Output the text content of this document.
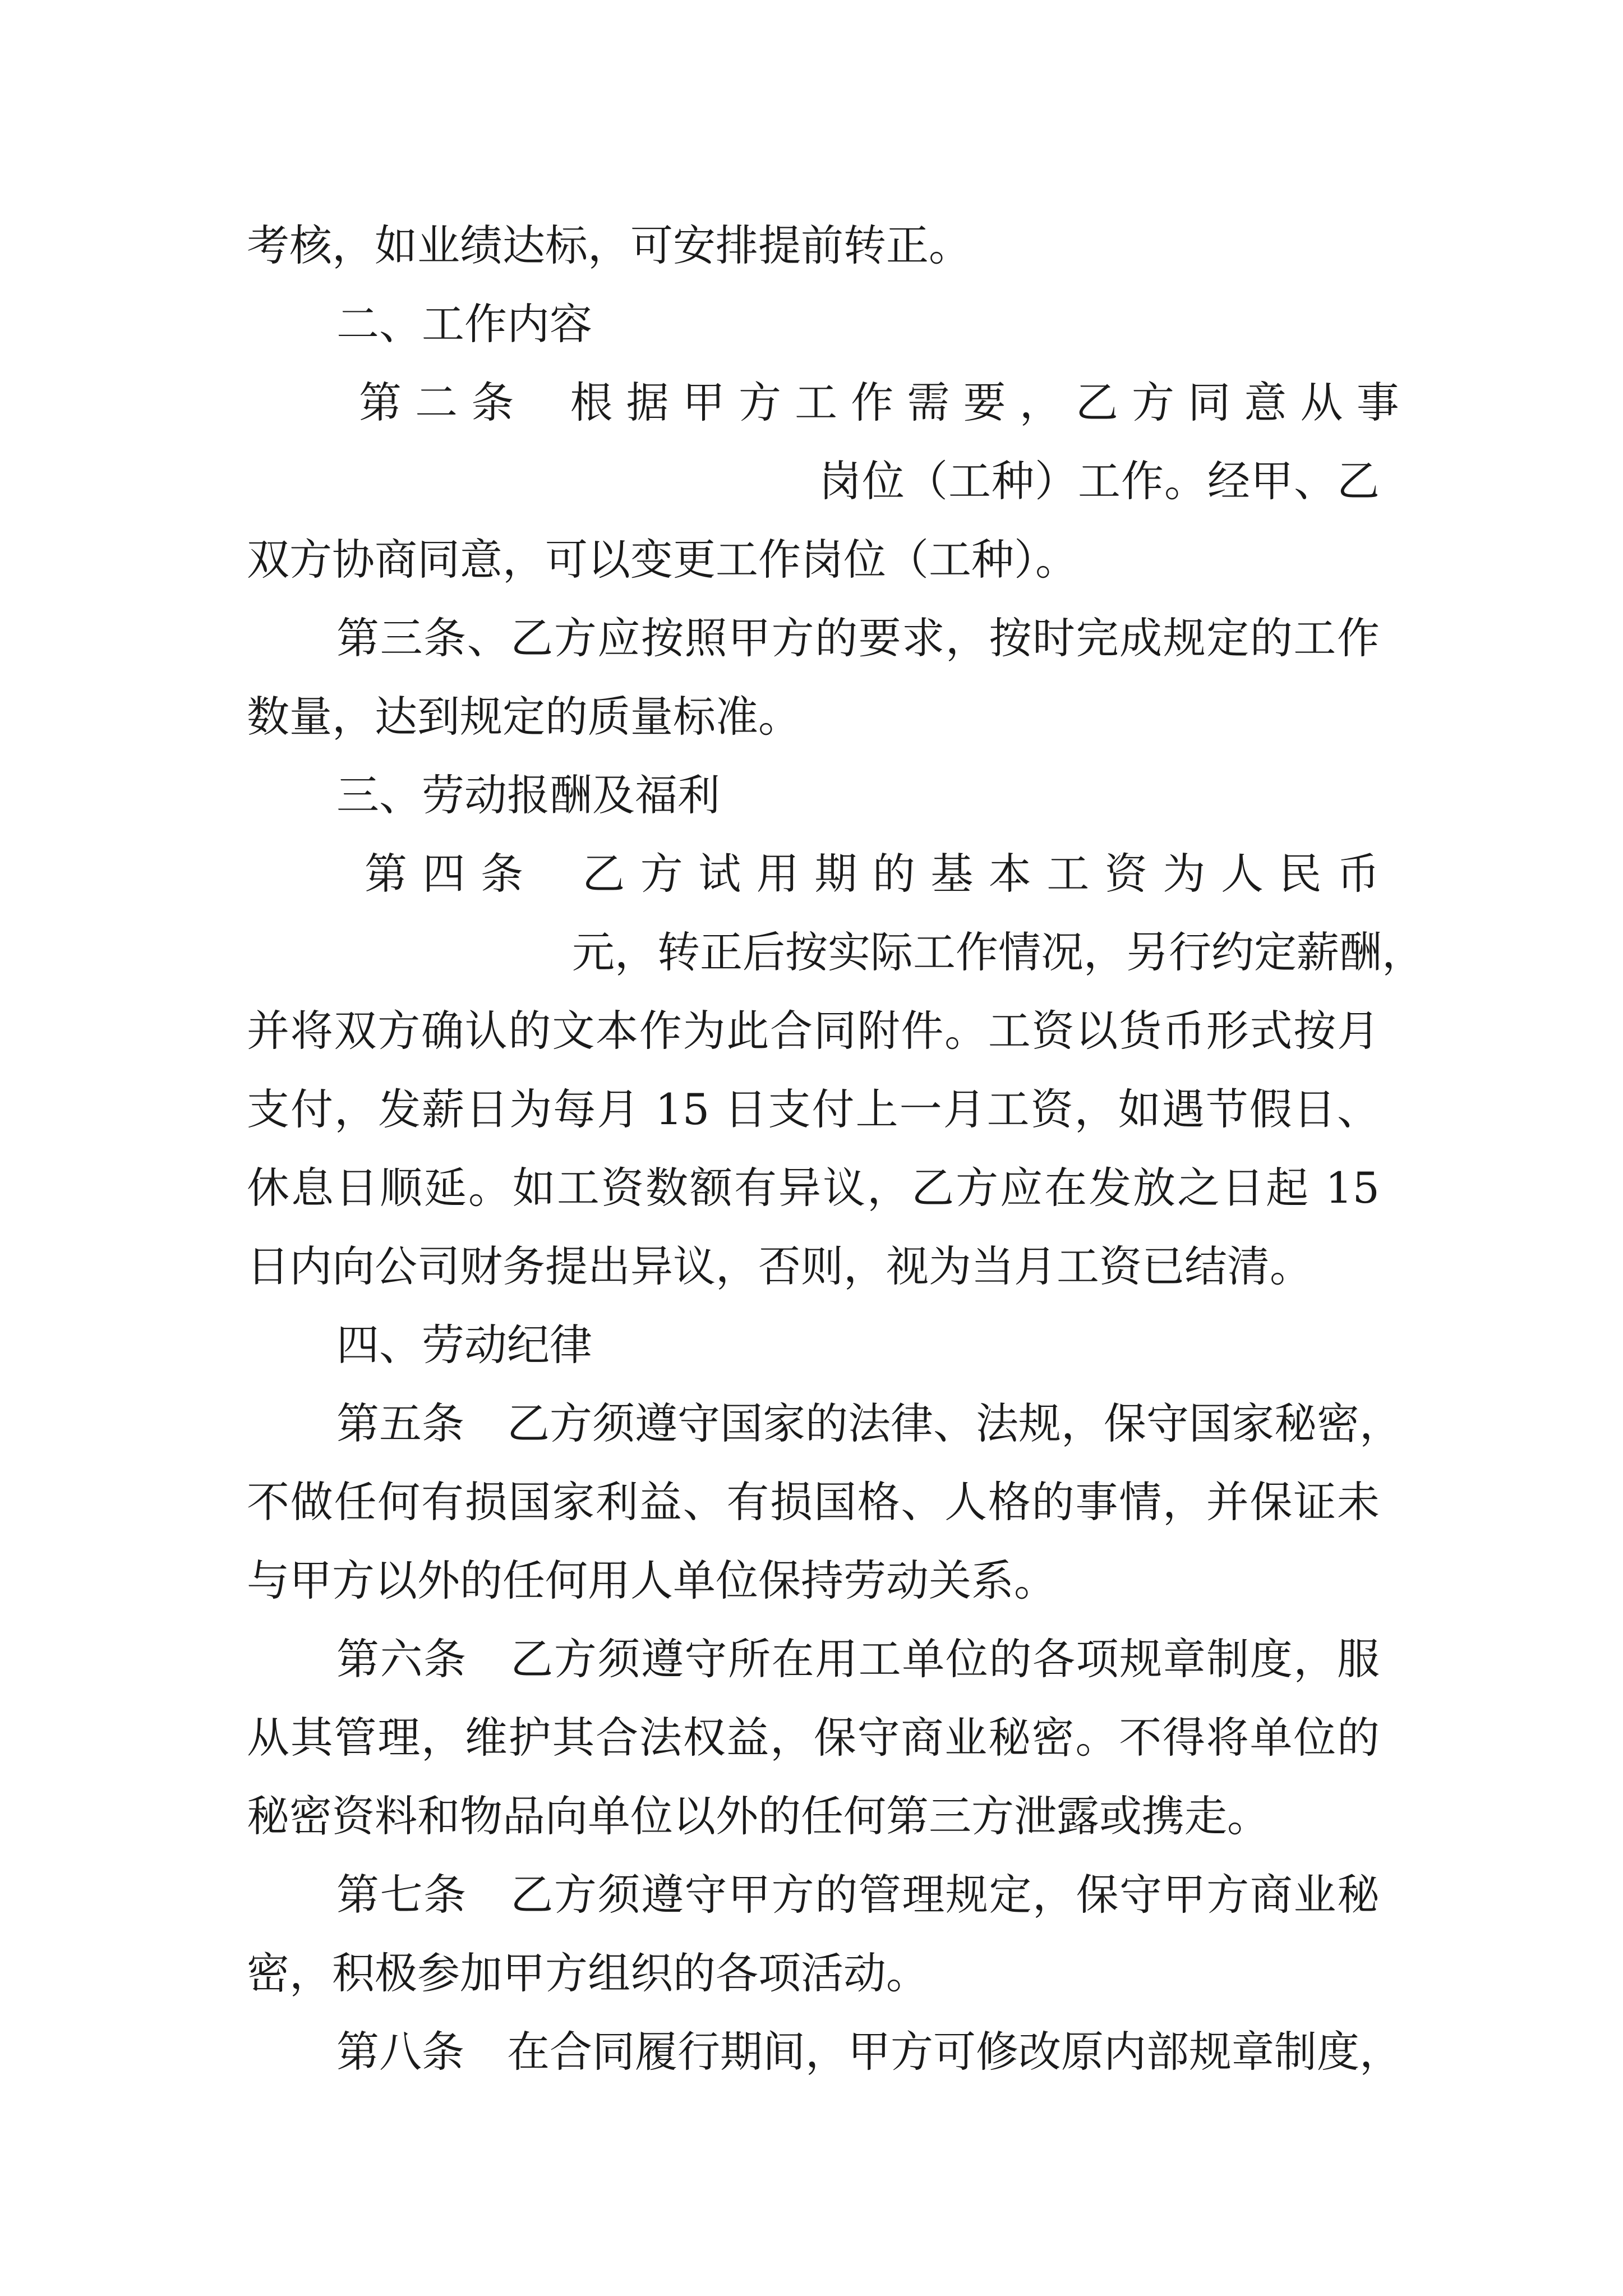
考核，如业绩达标，可安排提前转正。
二、工作内容
第 二 条　 根 据 甲 方 工 作 需 要 ， 乙 方 同 意 从 事
岗位（工种）工作。经甲、乙
双方协商同意，可以变更工作岗位（工种）。
第三条、乙方应按照甲方的要求，按时完成规定的工作
数量，达到规定的质量标准。
三、劳动报酬及福利
第 四 条　 乙 方 试 用 期 的 基 本 工 资 为 人 民 币
元，转正后按实际工作情况，另行约定薪酬，
并将双方确认的文本作为此合同附件。工资以货币形式按月
支付，发薪日为每月 15 日支付上一月工资，如遇节假日、
休息日顺延。如工资数额有异议，乙方应在发放之日起 15
日内向公司财务提出异议，否则，视为当月工资已结清。
四、劳动纪律
第五条　乙方须遵守国家的法律、法规，保守国家秘密，
不做任何有损国家利益、有损国格、人格的事情，并保证未
与甲方以外的任何用人单位保持劳动关系。
第六条　乙方须遵守所在用工单位的各项规章制度，服
从其管理，维护其合法权益，保守商业秘密。不得将单位的
秘密资料和物品向单位以外的任何第三方泄露或携走。
第七条　乙方须遵守甲方的管理规定，保守甲方商业秘
密，积极参加甲方组织的各项活动。
第八条　在合同履行期间，甲方可修改原内部规章制度，
